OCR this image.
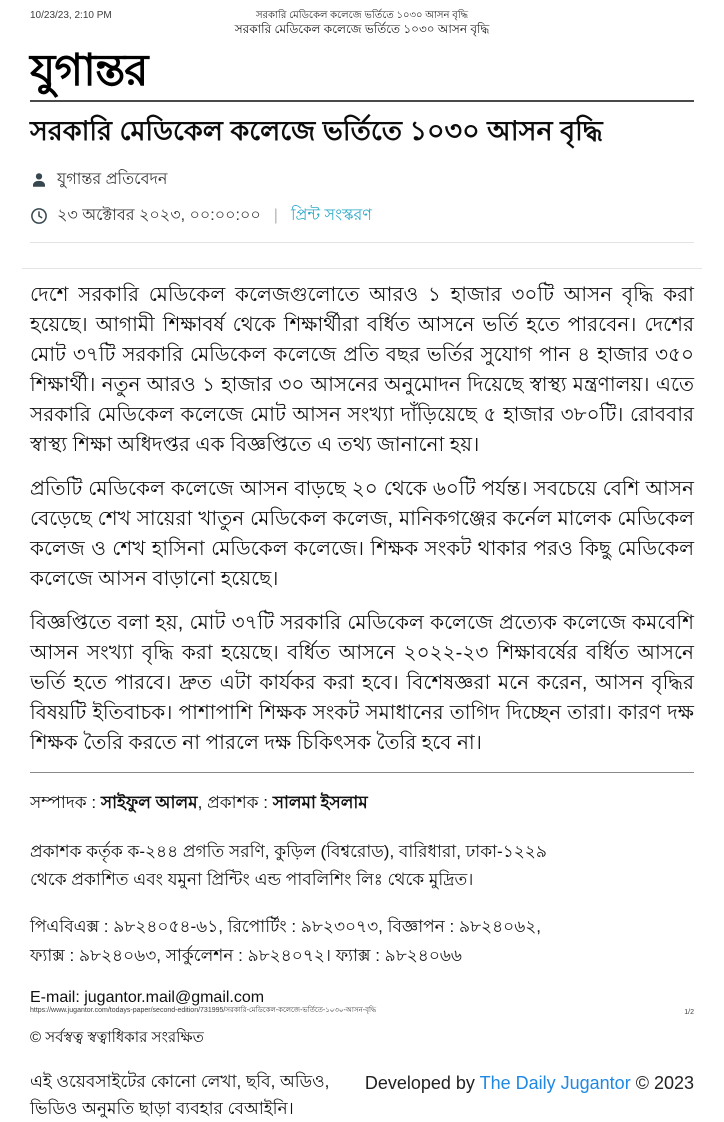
10/23/23, 2:10 PM	সরকারি মেডিকেল কলেজে ভর্তিতে ১০৩০ আসন বৃদ্ধি
সরকারি মেডিকেল কলেজে ভর্তিতে ১০৩০ আসন বৃদ্ধি
যুগান্তর
সরকারি মেডিকেল কলেজে ভর্তিতে ১০৩০ আসন বৃদ্ধি
যুগান্তর প্রতিবেদন
২৩ অক্টোবর ২০২৩, ০০:০০:০০ | প্রিন্ট সংস্করণ

দেশে সরকারি মেডিকেল কলেজগুলোতে আরও ১ হাজার ৩০টি আসন বৃদ্ধি করা হয়েছে। আগামী শিক্ষাবর্ষ থেকে শিক্ষার্থীরা বর্ধিত আসনে ভর্তি হতে পারবেন। দেশের মোট ৩৭টি সরকারি মেডিকেল কলেজে প্রতি বছর ভর্তির সুযোগ পান ৪ হাজার ৩৫০ শিক্ষার্থী। নতুন আরও ১ হাজার ৩০ আসনের অনুমোদন দিয়েছে স্বাস্থ্য মন্ত্রণালয়। এতে সরকারি মেডিকেল কলেজে মোট আসন সংখ্যা দাঁড়িয়েছে ৫ হাজার ৩৮০টি। রোববার স্বাস্থ্য শিক্ষা অধিদপ্তর এক বিজ্ঞপ্তিতে এ তথ্য জানানো হয়।

প্রতিটি মেডিকেল কলেজে আসন বাড়ছে ২০ থেকে ৬০টি পর্যন্ত। সবচেয়ে বেশি আসন বেড়েছে শেখ সায়েরা খাতুন মেডিকেল কলেজ, মানিকগঞ্জের কর্নেল মালেক মেডিকেল কলেজ ও শেখ হাসিনা মেডিকেল কলেজে। শিক্ষক সংকট থাকার পরও কিছু মেডিকেল কলেজে আসন বাড়ানো হয়েছে।

বিজ্ঞপ্তিতে বলা হয়, মোট ৩৭টি সরকারি মেডিকেল কলেজে প্রত্যেক কলেজে কমবেশি আসন সংখ্যা বৃদ্ধি করা হয়েছে। বর্ধিত আসনে ২০২২-২৩ শিক্ষাবর্ষের বর্ধিত আসনে ভর্তি হতে পারবে। দ্রুত এটা কার্যকর করা হবে। বিশেষজ্ঞরা মনে করেন, আসন বৃদ্ধির বিষয়টি ইতিবাচক। পাশাপাশি শিক্ষক সংকট সমাধানের তাগিদ দিচ্ছেন তারা। কারণ দক্ষ শিক্ষক তৈরি করতে না পারলে দক্ষ চিকিৎসক তৈরি হবে না।

সম্পাদক : সাইফুল আলম, প্রকাশক : সালমা ইসলাম
প্রকাশক কর্তৃক ক-২৪৪ প্রগতি সরণি, কুড়িল (বিশ্বরোড), বারিধারা, ঢাকা-১২২৯
থেকে প্রকাশিত এবং যমুনা প্রিন্টিং এন্ড পাবলিশিং লিঃ থেকে মুদ্রিত।
পিএবিএক্স : ৯৮২৪০৫৪-৬১, রিপোর্টিং : ৯৮২৩০৭৩, বিজ্ঞাপন : ৯৮২৪০৬২,
ফ্যাক্স : ৯৮২৪০৬৩, সার্কুলেশন : ৯৮২৪০৭২। ফ্যাক্স : ৯৮২৪০৬৬
E-mail: jugantor.mail@gmail.com
© সর্বস্বত্ব স্বত্বাধিকার সংরক্ষিত
এই ওয়েবসাইটের কোনো লেখা, ছবি, অডিও, ভিডিও অনুমতি ছাড়া ব্যবহার বেআইনি।
Developed by The Daily Jugantor © 2023
https://www.jugantor.com/todays-paper/second-edition/731995/সরকারি-মেডিকেল-কলেজে-ভর্তিতে-১০৩০-আসন-বৃদ্ধি	1/2
